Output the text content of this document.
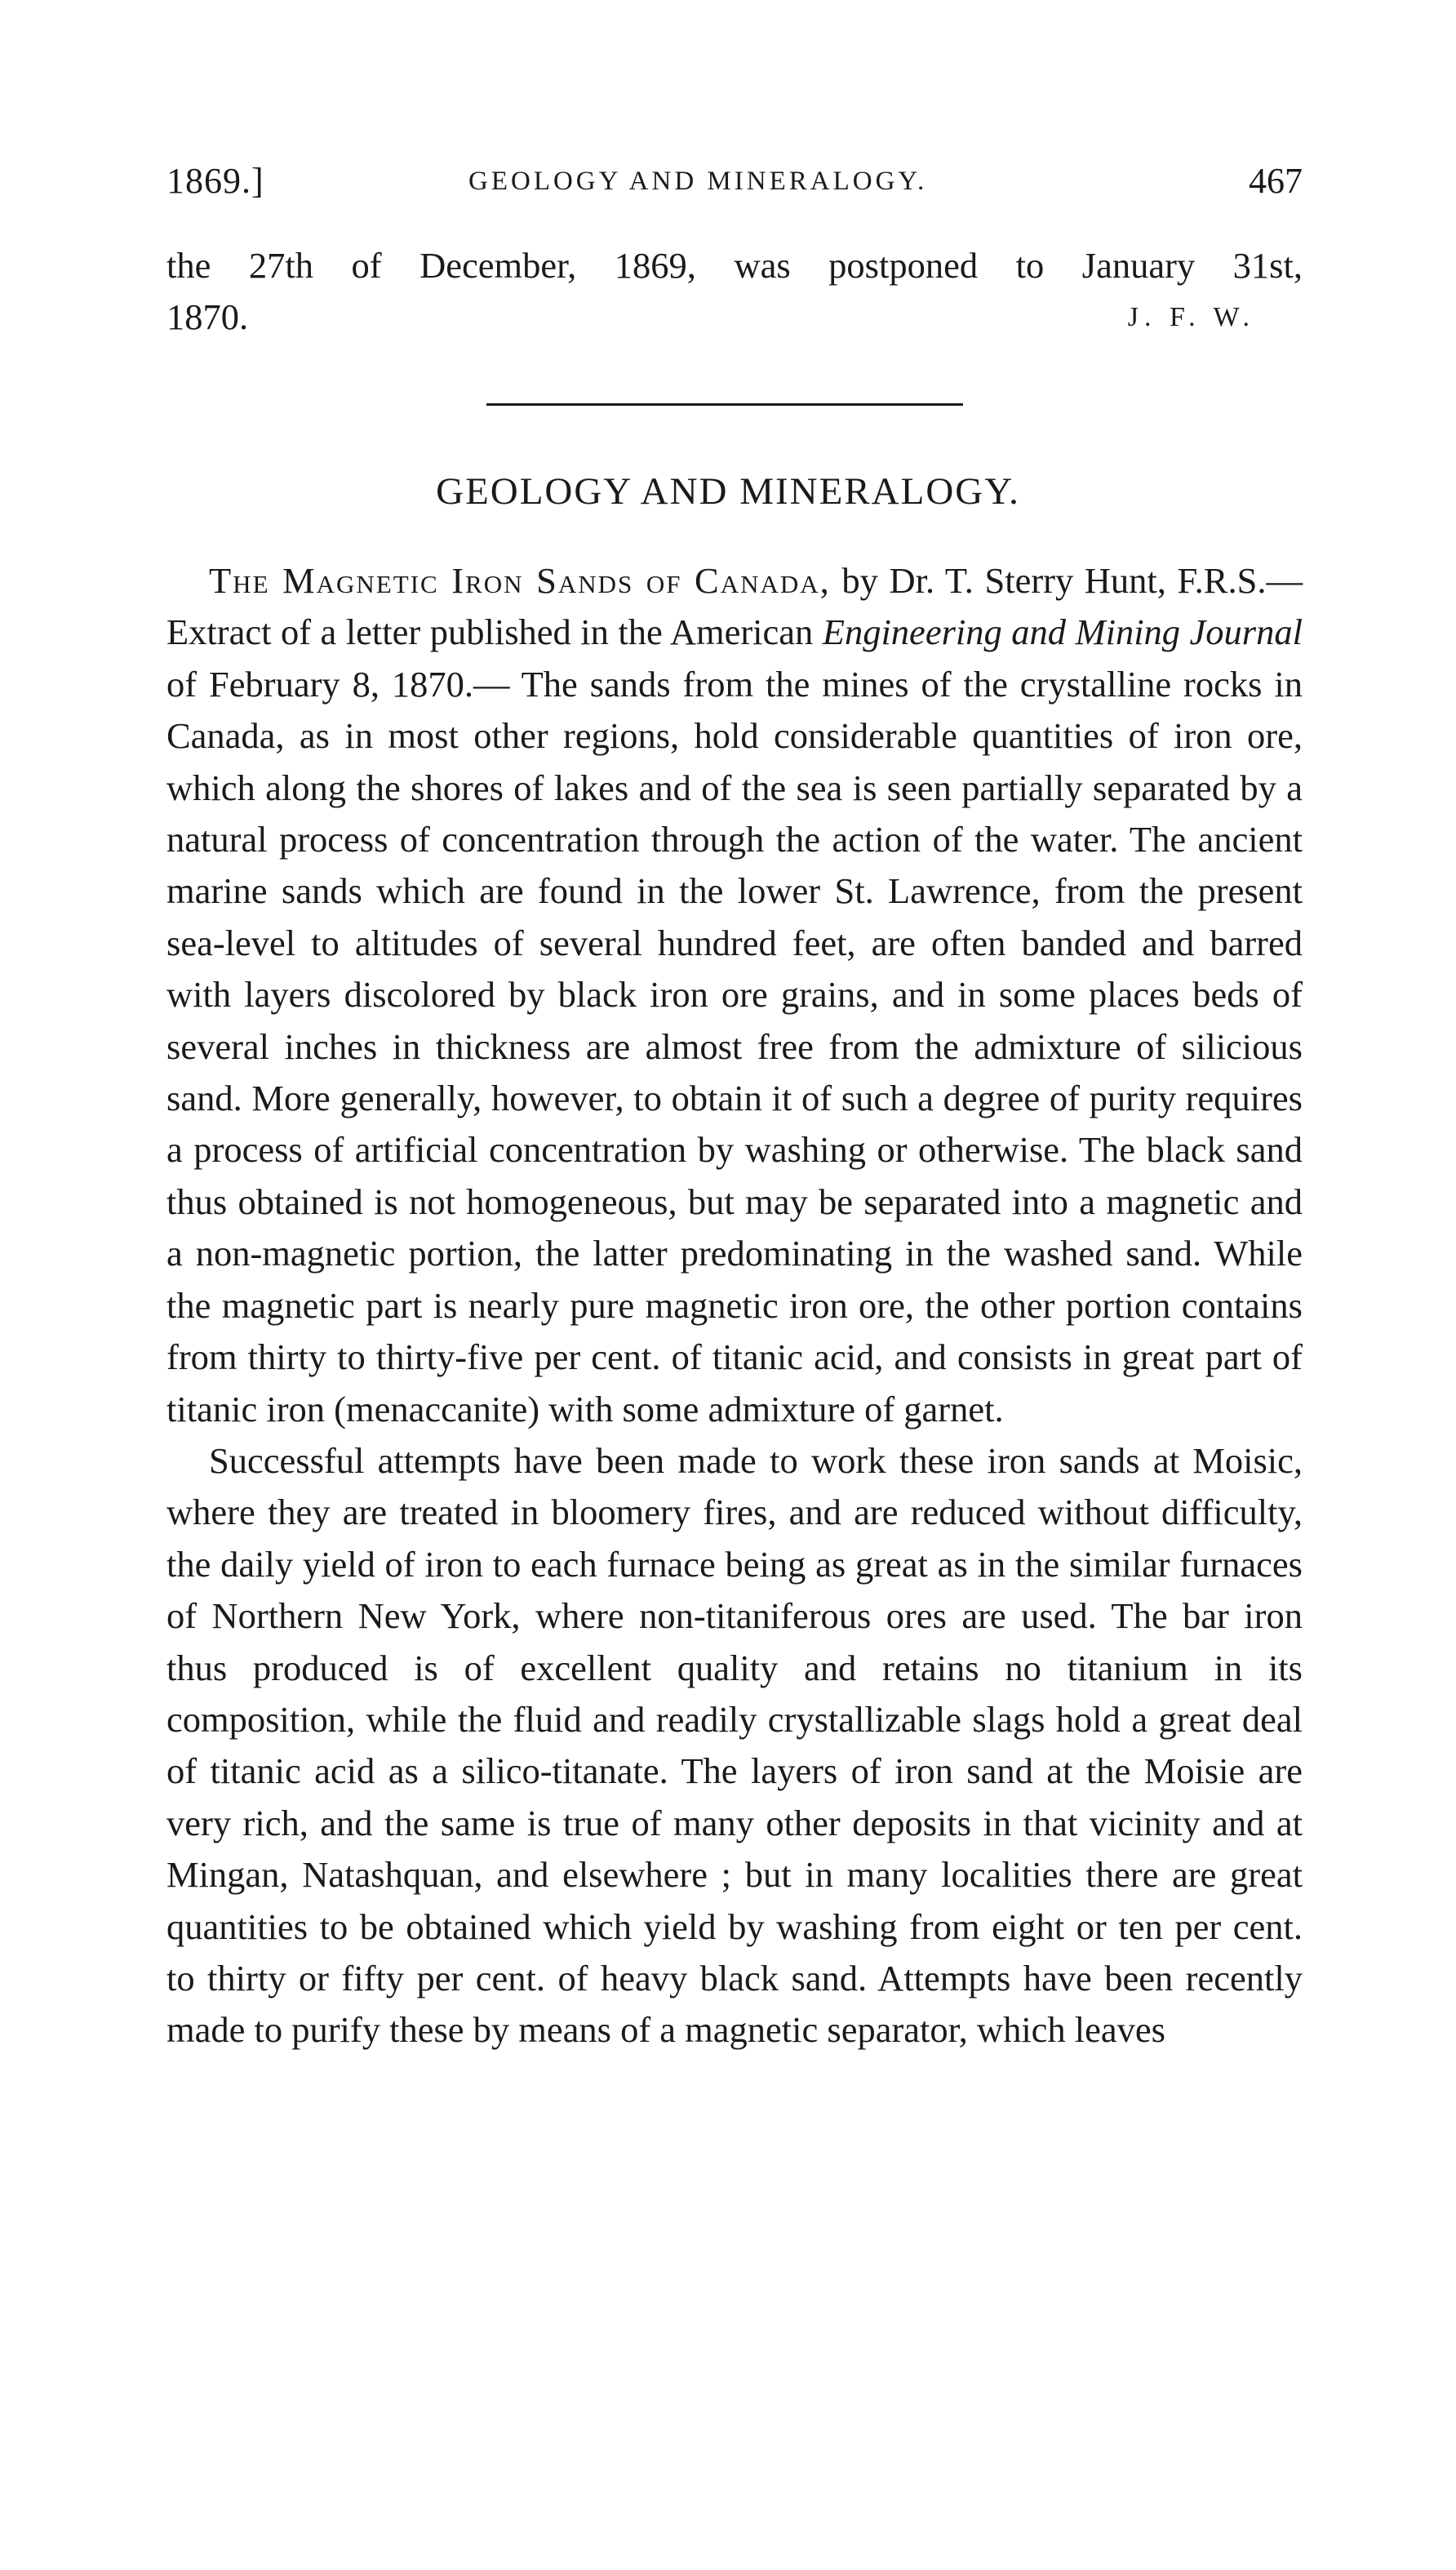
1869.]	GEOLOGY AND MINERALOGY.	467

the 27th of December, 1869, was postponed to January 31st,

1870.	J. F. W.
GEOLOGY AND MINERALOGY.

The Magnetic Iron Sands of Canada, by Dr. T. Sterry Hunt, F.R.S.—Extract of a letter published in the American Engineering and Mining Journal of February 8, 1870.— The sands from the mines of the crystalline rocks in Canada, as in most other regions, hold considerable quantities of iron ore, which along the shores of lakes and of the sea is seen partially separated by a natural process of concentration through the action of the water. The ancient marine sands which are found in the lower St. Lawrence, from the present sea-level to altitudes of several hundred feet, are often banded and barred with layers discolored by black iron ore grains, and in some places beds of several inches in thickness are almost free from the admixture of silicious sand. More generally, however, to obtain it of such a degree of purity requires a process of artificial concentration by washing or otherwise. The black sand thus obtained is not homogeneous, but may be separated into a magnetic and a non-magnetic portion, the latter predominating in the washed sand. While the magnetic part is nearly pure magnetic iron ore, the other portion contains from thirty to thirty-five per cent. of titanic acid, and consists in great part of titanic iron (menaccanite) with some admixture of garnet.

Successful attempts have been made to work these iron sands at Moisic, where they are treated in bloomery fires, and are reduced without difficulty, the daily yield of iron to each furnace being as great as in the similar furnaces of Northern New York, where non-titaniferous ores are used. The bar iron thus produced is of excellent quality and retains no titanium in its composition, while the fluid and readily crystallizable slags hold a great deal of titanic acid as a silico-titanate. The layers of iron sand at the Moisie are very rich, and the same is true of many other deposits in that vicinity and at Mingan, Natashquan, and elsewhere ; but in many localities there are great quantities to be obtained which yield by washing from eight or ten per cent. to thirty or fifty per cent. of heavy black sand. Attempts have been recently made to purify these by means of a magnetic separator, which leaves
